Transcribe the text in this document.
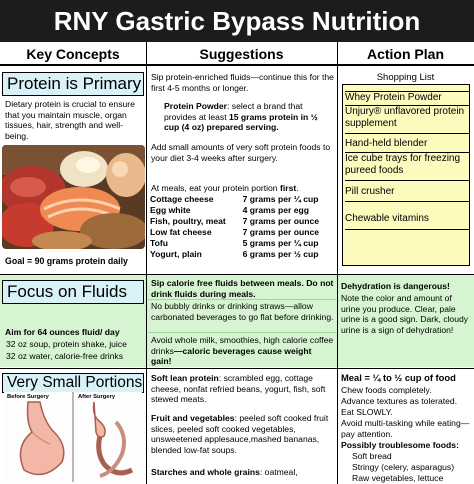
RNY Gastric Bypass Nutrition
Key Concepts	Suggestions	Action Plan
Protein is Primary
Dietary protein is crucial to ensure that you maintain muscle, organ tissues, hair, strength and well-being.
Goal = 90 grams protein daily
Sip protein-enriched fluids—continue this for the first 4-5 months or longer.
Protein Powder: select a brand that provides at least 15 grams protein in ½ cup (4 oz) prepared serving.
Add small amounts of very soft protein foods to your diet 3-4 weeks after surgery.
At meals, eat your protein portion first.
Cottage cheese	7 grams per ¼ cup
Egg white	4 grams per egg
Fish, poultry, meat	7 grams per ounce
Low fat cheese	7 grams per ounce
Tofu	5 grams per ¼ cup
Yogurt, plain	6 grams per ½ cup
Shopping List
Whey Protein Powder
Unjury® unflavored protein supplement
Hand-held blender
Ice cube trays for freezing pureed foods
Pill crusher
Chewable vitamins
Focus on Fluids
Aim for 64 ounces fluid/ day
32 oz soup, protein shake, juice
32 oz water, calorie-free drinks
Sip calorie free fluids between meals. Do not drink fluids during meals.
No bubbly drinks or drinking straws—allow carbonated beverages to go flat before drinking.
Avoid whole milk, smoothies, high calorie coffee drinks—caloric beverages cause weight gain!
Dehydration is dangerous!
Note the color and amount of urine you produce. Clear, pale urine is a good sign. Dark, cloudy urine is a sign of dehydration!
Very Small Portions
Before Surgery	After Surgery
Soft lean protein: scrambled egg, cottage cheese, nonfat refried beans, yogurt, fish, soft stewed meats.
Fruit and vegetables: peeled soft cooked fruit slices, peeled soft cooked vegetables, unsweetened applesauce,mashed bananas, blended low-fat soups.
Starches and whole grains: oatmeal,
Meal = ¼ to ½ cup of food
Chew foods completely.
Advance textures as tolerated.
Eat SLOWLY.
Avoid multi-tasking while eating—pay attention.
Possibly troublesome foods:
Soft bread
Stringy (celery, asparagus)
Raw vegetables, lettuce
